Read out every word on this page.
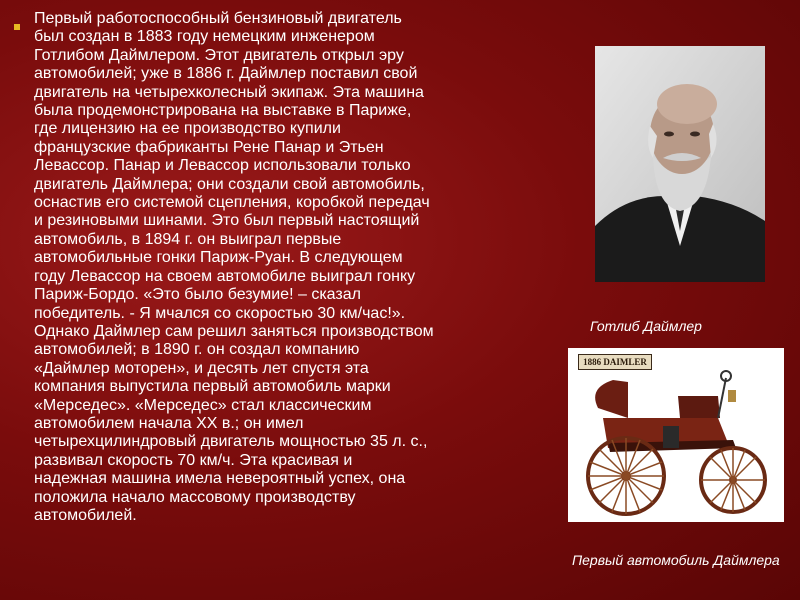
Первый работоспособный бензиновый двигатель
был создан в 1883 году немецким инженером
Готлибом Даймлером. Этот двигатель открыл эру
автомобилей; уже в 1886 г. Даймлер поставил свой
двигатель на четырехколесный экипаж. Эта машина
была продемонстрирована на выставке в Париже,
где лицензию на ее производство купили
французские фабриканты Рене Панар и Этьен
Левассор. Панар и Левассор использовали только
двигатель Даймлера; они создали свой автомобиль,
оснастив его системой сцепления, коробкой передач
и резиновыми шинами. Это был первый настоящий
автомобиль, в 1894 г. он выиграл первые
автомобильные гонки Париж-Руан. В следующем
году Левассор на своем автомобиле выиграл гонку
Париж-Бордо. «Это было безумие! – сказал
победитель. - Я мчался со скоростью 30 км/час!».
Однако Даймлер сам решил заняться производством
автомобилей; в 1890 г. он создал компанию
«Даймлер моторен», и десять лет спустя эта
компания выпустила первый автомобиль марки
«Мерседес». «Мерседес» стал классическим
автомобилем начала XX в.; он имел
четырехцилиндровый двигатель мощностью 35 л. с.,
развивал скорость 70 км/ч. Эта красивая и
надежная машина имела невероятный успех, она
положила начало массовому производству
автомобилей.

Готлиб Даймлер

1886 DAIMLER

Первый автомобиль Даймлера
